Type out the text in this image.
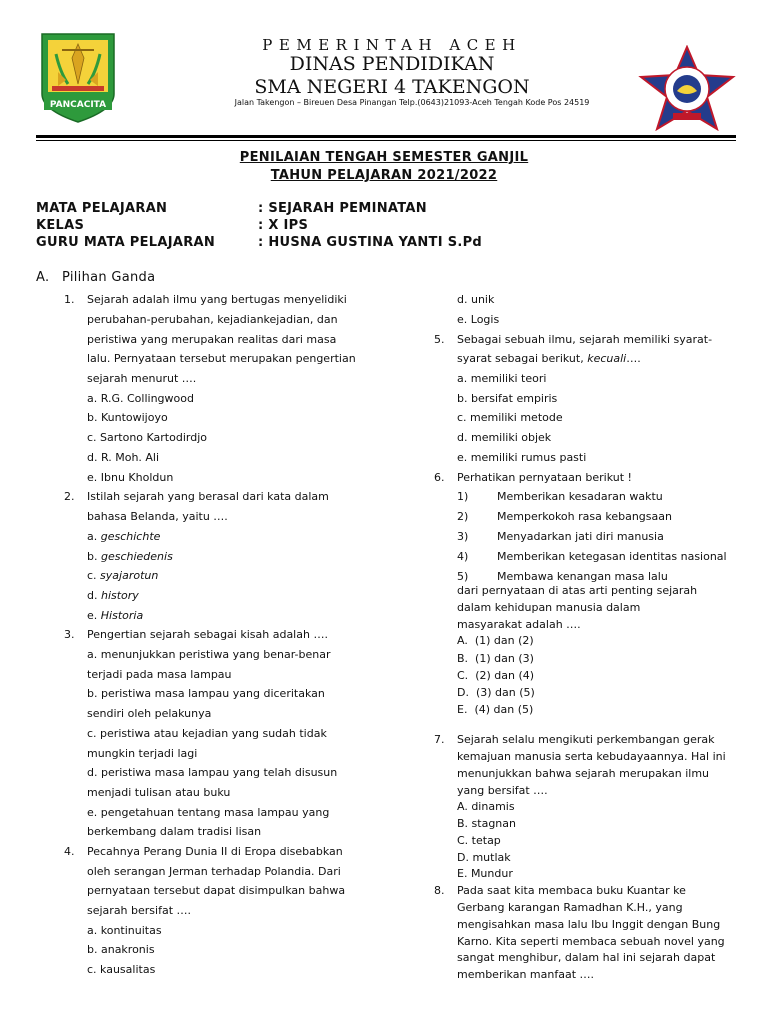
PANCACITA
PEMERINTAH ACEH
DINAS PENDIDIKAN
SMA NEGERI 4 TAKENGON
Jalan Takengon – Bireuen Desa Pinangan Telp.(0643)21093-Aceh Tengah Kode Pos 24519
PENILAIAN TENGAH SEMESTER GANJIL
TAHUN PELAJARAN 2021/2022
MATA PELAJARAN	: SEJARAH PEMINATAN
KELAS	: X IPS
GURU MATA PELAJARAN	: HUSNA GUSTINA YANTI S.Pd
A. Pilihan Ganda
1. Sejarah adalah ilmu yang bertugas menyelidiki
perubahan-perubahan, kejadiankejadian, dan
peristiwa yang merupakan realitas dari masa
lalu. Pernyataan tersebut merupakan pengertian
sejarah menurut ….
a. R.G. Collingwood
b. Kuntowijoyo
c. Sartono Kartodirdjo
d. R. Moh. Ali
e. Ibnu Kholdun
2. Istilah sejarah yang berasal dari kata dalam
bahasa Belanda, yaitu ….
a. geschichte
b. geschiedenis
c. syajarotun
d. history
e. Historia
3. Pengertian sejarah sebagai kisah adalah ….
a. menunjukkan peristiwa yang benar-benar
terjadi pada masa lampau
b. peristiwa masa lampau yang diceritakan
sendiri oleh pelakunya
c. peristiwa atau kejadian yang sudah tidak
mungkin terjadi lagi
d. peristiwa masa lampau yang telah disusun
menjadi tulisan atau buku
e. pengetahuan tentang masa lampau yang
berkembang dalam tradisi lisan
4. Pecahnya Perang Dunia II di Eropa disebabkan
oleh serangan Jerman terhadap Polandia. Dari
pernyataan tersebut dapat disimpulkan bahwa
sejarah bersifat ….
a. kontinuitas
b. anakronis
c. kausalitas
d. unik
e. Logis
5. Sebagai sebuah ilmu, sejarah memiliki syarat-
syarat sebagai berikut, kecuali….
a. memiliki teori
b. bersifat empiris
c. memiliki metode
d. memiliki objek
e. memiliki rumus pasti
6. Perhatikan pernyataan berikut !
1)	Memberikan kesadaran waktu
2)	Memperkokoh rasa kebangsaan
3)	Menyadarkan jati diri manusia
4)	Memberikan ketegasan identitas nasional
5)	Membawa kenangan masa lalu
dari pernyataan di atas arti penting sejarah
dalam kehidupan manusia dalam
masyarakat adalah ….
A. (1) dan (2)
B. (1) dan (3)
C. (2) dan (4)
D. (3) dan (5)
E. (4) dan (5)
7. Sejarah selalu mengikuti perkembangan gerak
kemajuan manusia serta kebudayaannya. Hal ini
menunjukkan bahwa sejarah merupakan ilmu
yang bersifat ….
A. dinamis
B. stagnan
C. tetap
D. mutlak
E. Mundur
8. Pada saat kita membaca buku Kuantar ke
Gerbang karangan Ramadhan K.H., yang
mengisahkan masa lalu Ibu Inggit dengan Bung
Karno. Kita seperti membaca sebuah novel yang
sangat menghibur, dalam hal ini sejarah dapat
memberikan manfaat ….
